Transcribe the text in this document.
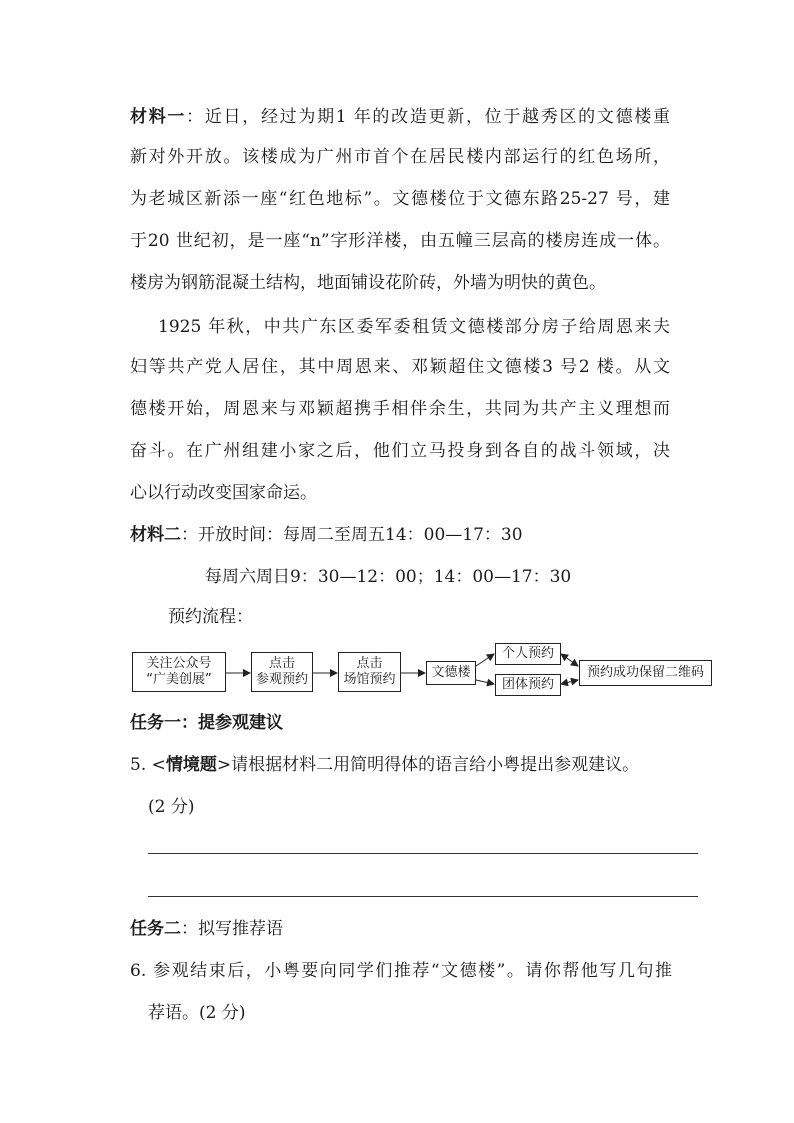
材料一：近日，经过为期1 年的改造更新，位于越秀区的文德楼重
新对外开放。该楼成为广州市首个在居民楼内部运行的红色场所，
为老城区新添一座“红色地标”。文德楼位于文德东路25-27 号，建
于20 世纪初，是一座“n”字形洋楼，由五幢三层高的楼房连成一体。
楼房为钢筋混凝土结构，地面铺设花阶砖，外墙为明快的黄色。
1925 年秋，中共广东区委军委租赁文德楼部分房子给周恩来夫
妇等共产党人居住，其中周恩来、邓颖超住文德楼3 号2 楼。从文
德楼开始，周恩来与邓颖超携手相伴余生，共同为共产主义理想而
奋斗。在广州组建小家之后，他们立马投身到各自的战斗领域，决
心以行动改变国家命运。
材料二：开放时间：每周二至周五14：00—17：30
每周六周日9：30—12：00；14：00—17：30
预约流程：
关注公众号
“广美创展”
点击
参观预约
点击
场馆预约	文德楼
个人预约
团体预约
预约成功保留二维码
任务一：提参观建议
5. <情境题>请根据材料二用简明得体的语言给小粤提出参观建议。
(2 分)
任务二：拟写推荐语
6. 参观结束后，小粤要向同学们推荐“文德楼”。请你帮他写几句推
荐语。(2 分)
